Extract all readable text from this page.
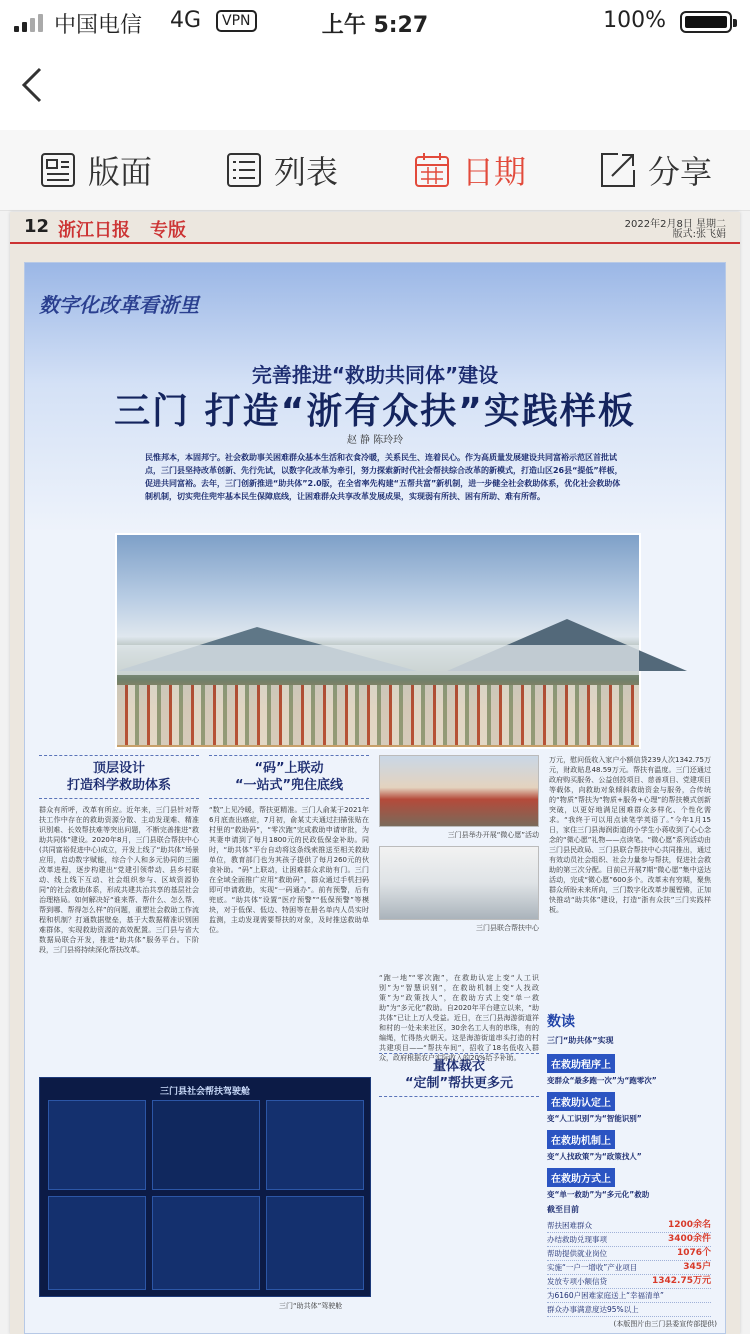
中国电信 4G	VPN	上午 5:27	100%
版面	列表	日期	分享
12 浙江日报 专版	2022年2月8日 星期二
版式:张飞娟
数字化改革看浙里
完善推进“救助共同体”建设
三门 打造“浙有众扶”实践样板
赵 静 陈玲玲
民惟邦本，本固邦宁。社会救助事关困难群众基本生活和衣食冷暖，关系民生、连着民心。作为高质量发展建设共同富裕示范区首批试点，三门县坚持改革创新、先行先试，以数字化改革为牵引，努力探索新时代社会帮扶综合改革的新模式，打造山区26县“提低”样板，促进共同富裕。去年，三门创新推进“助共体”2.0版，在全省率先构建“五帮共富”新机制，进一步健全社会救助体系，优化社会救助体制机制，切实兜住兜牢基本民生保障底线，让困难群众共享改革发展成果，实现弱有所扶、困有所助、难有所帮。
顶层设计
打造科学救助体系
群众有所呼，改革有所应。近年来，三门县针对帮扶工作中存在的救助资源分散、主动发现难、精准识别难、长效帮扶难等突出问题，不断完善推进“救助共同体”建设。2020年8月，三门县联合帮扶中心(共同富裕促进中心)成立，开发上线了“助共体”场景应用，启动数字赋能，综合个人和多元协同的三圈改革进程，逐步构建出“党建引领带动、县乡村联动、线上线下互动、社会组织参与、区域资源协同”的社会救助体系，形成共建共治共享的基层社会治理格局。如何解决好“谁来帮、帮什么、怎么帮、帮到哪、帮得怎么样”的问题，重塑社会救助工作流程和机制？打通数据壁垒，基于大数据精准识别困难群体，实现救助资源的高效配置。三门县与省大数据局联合开发，推进“助共体”服务平台。下阶段，三门县将持续深化帮扶改革。
“码”上联动
“一站式”兜住底线
“数”上见冷暖，帮扶更精准。三门人俞某于2021年6月底查出癌症，7月初，俞某丈夫通过扫描张贴在村里的“救助码”，“零次跑”完成救助申请审批，为其妻申请到了每月1800元的民政低保金补助。同时，“助共体”平台自动将这条线索推送至相关救助单位，教育部门也为其孩子提供了每月260元的伙食补助。“码”上联动，让困难群众求助有门。三门在全域全面推广应用“救助码”，群众通过手机扫码即可申请救助，实现“一码通办”。前有预警，后有兜底。“助共体”设置“医疗预警”“低保预警”等模块，对于低保、低边、特困等在册名单内人员实时监测，主动发现需要帮扶的对象，及时推送救助单位。
三门县举办开展“微心愿”活动
三门县联合帮扶中心
“跑一地”“零次跑”，在救助认定上变“人工识别”为“智慧识别”，在救助机制上变“人找政策”为“政策找人”，在救助方式上变“单一救助”为“多元化”救助。自2020年平台建立以来，“助共体”已让上万人受益。近日，在三门县海游街道祥和村的一处未来社区，30余名工人有的串珠，有的编绳，忙得热火朝天。这是海游街道串头打造的村共建项目——“帮扶车间”，招收了18名低收入群众，政府根据农户实际收入的20%给予补助。
量体裁衣
“定制”帮扶更多元
万元，慰问低收入家户小额信贷239人次1342.75万元，财政贴息48.59万元。帮扶有温度。三门还通过政府购买服务、公益创投项目、慈善项目、党建项目等载体，向救助对象倾斜救助资金与服务，合传统的“物质”帮扶为“物质+服务+心理”的帮扶模式创新突破，以更好地满足困难群众多样化、个性化需求。“我终于可以用点读笔学英语了。”今年1月15日，家住三门县海润街道的小学生小蒋收到了心心念念的“微心愿”礼物——点读笔。“微心愿”系列活动由三门县民政局、三门县联合帮扶中心共同推出，通过有效动员社会组织、社会力量参与帮扶，促进社会救助的第三次分配。目前已开展7期“微心愿”集中送达活动，完成“微心愿”600多个。改革未有穷期，聚焦群众所盼未来所向，三门数字化改革步履铿锵，正加快推动“助共体”建设，打造“浙有众扶”三门实践样板。
三门县社会帮扶驾驶舱
三门“助共体”驾驶舱
数读
三门“助共体”实现
在救助程序上
变群众“最多跑一次”为“跑零次”
在救助认定上
变“人工识别”为“智能识别”
在救助机制上
变“人找政策”为“政策找人”
在救助方式上
变“单一救助”为“多元化”救助
截至目前
帮扶困难群众	1200余名
办结救助兑现事项	3400余件
帮助提供就业岗位	1076个
实施“一户一增收”产业项目	345户
发放专项小额信贷	1342.75万元
为6160户困难家庭送上“幸福清单”
群众办事满意度达95%以上
(本版图片由三门县委宣传部提供)
